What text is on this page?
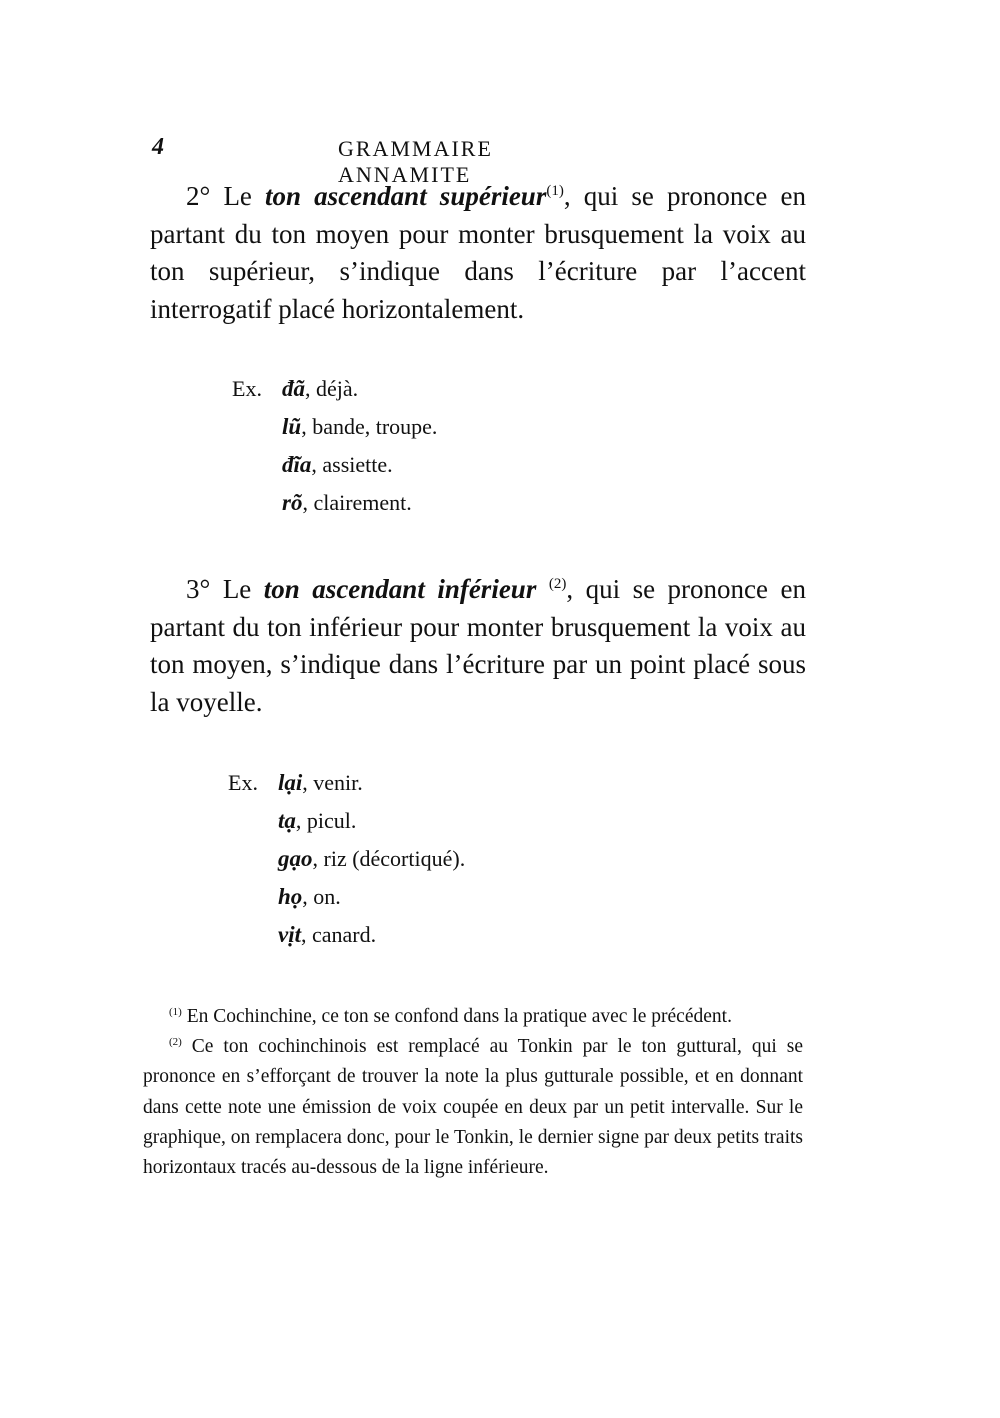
4	GRAMMAIRE ANNAMITE
2° Le ton ascendant supérieur$^{(1)}$, qui se prononce en partant du ton moyen pour monter brusquement la voix au ton supérieur, s’indique dans l’écriture par l’accent interrogatif placé horizontalement.
Ex. đã, déjà.
lũ, bande, troupe.
đĩa, assiette.
rõ, clairement.
3° Le ton ascendant inférieur $^{(2)}$, qui se prononce en partant du ton inférieur pour monter brusquement la voix au ton moyen, s’indique dans l’écriture par un point placé sous la voyelle.
Ex. lại, venir.
tạ, picul.
gạo, riz (décortiqué).
họ, on.
vịt, canard.

$^{(1)}$ En Cochinchine, ce ton se confond dans la pratique avec le précédent.

$^{(2)}$ Ce ton cochinchinois est remplacé au Tonkin par le ton guttural, qui se prononce en s’efforçant de trouver la note la plus gutturale possible, et en donnant dans cette note une émission de voix coupée en deux par un petit intervalle. Sur le graphique, on remplacera donc, pour le Tonkin, le dernier signe par deux petits traits horizontaux tracés au-dessous de la ligne inférieure.
